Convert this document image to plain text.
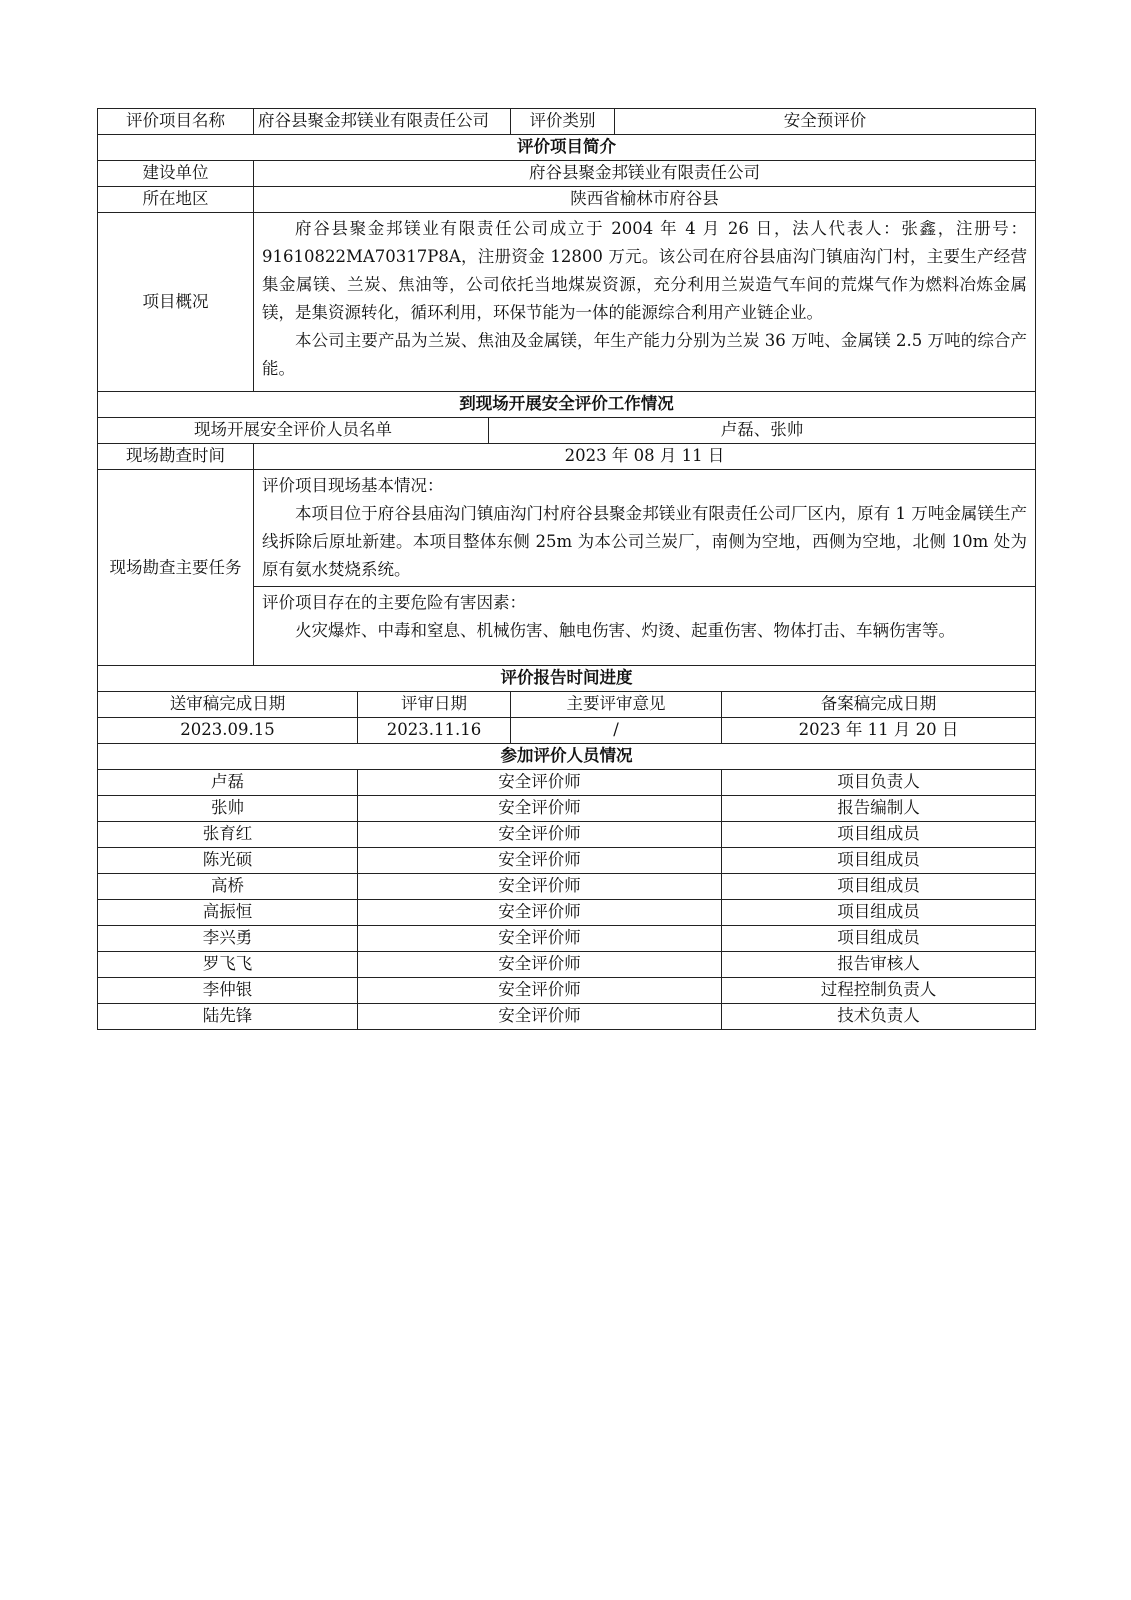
评价项目名称	府谷县聚金邦镁业有限责任公司			评价类别	安全预评价	
评价项目简介						
建设单位	府谷县聚金邦镁业有限责任公司					
所在地区	陕西省榆林市府谷县					
项目概况	府谷县聚金邦镁业有限责任公司成立于 2004 年 4 月 26 日，法人代表人：张鑫，注册号：91610822MA70317P8A，注册资金 12800 万元。该公司在府谷县庙沟门镇庙沟门村，主要生产经营集金属镁、兰炭、焦油等，公司依托当地煤炭资源，充分利用兰炭造气车间的荒煤气作为燃料冶炼金属镁，是集资源转化，循环利用，环保节能为一体的能源综合利用产业链企业。
本公司主要产品为兰炭、焦油及金属镁，年生产能力分别为兰炭 36 万吨、金属镁 2.5 万吨的综合产能。					

到现场开展安全评价工作情况						
现场开展安全评价人员名单			卢磊、张帅			
现场勘查时间	2023 年 08 月 11 日					
现场勘查主要任务	评价项目现场基本情况：
本项目位于府谷县庙沟门镇庙沟门村府谷县聚金邦镁业有限责任公司厂区内，原有 1 万吨金属镁生产线拆除后原址新建。本项目整体东侧 25m 为本公司兰炭厂，南侧为空地，西侧为空地，北侧 10m 处为原有氨水焚烧系统。					

	评价项目存在的主要危险有害因素：
火灾爆炸、中毒和窒息、机械伤害、触电伤害、灼烫、起重伤害、物体打击、车辆伤害等。					

评价报告时间进度						
送审稿完成日期		评审日期		主要评审意见		备案稿完成日期
2023.09.15		2023.11.16		/		2023 年 11 月 20 日
参加评价人员情况						
卢磊		安全评价师				项目负责人
张帅		安全评价师				报告编制人
张育红		安全评价师				项目组成员
陈光硕		安全评价师				项目组成员
高桥		安全评价师				项目组成员
高振恒		安全评价师				项目组成员
李兴勇		安全评价师				项目组成员
罗飞飞		安全评价师				报告审核人
李仲银		安全评价师				过程控制负责人
陆先锋		安全评价师				技术负责人
